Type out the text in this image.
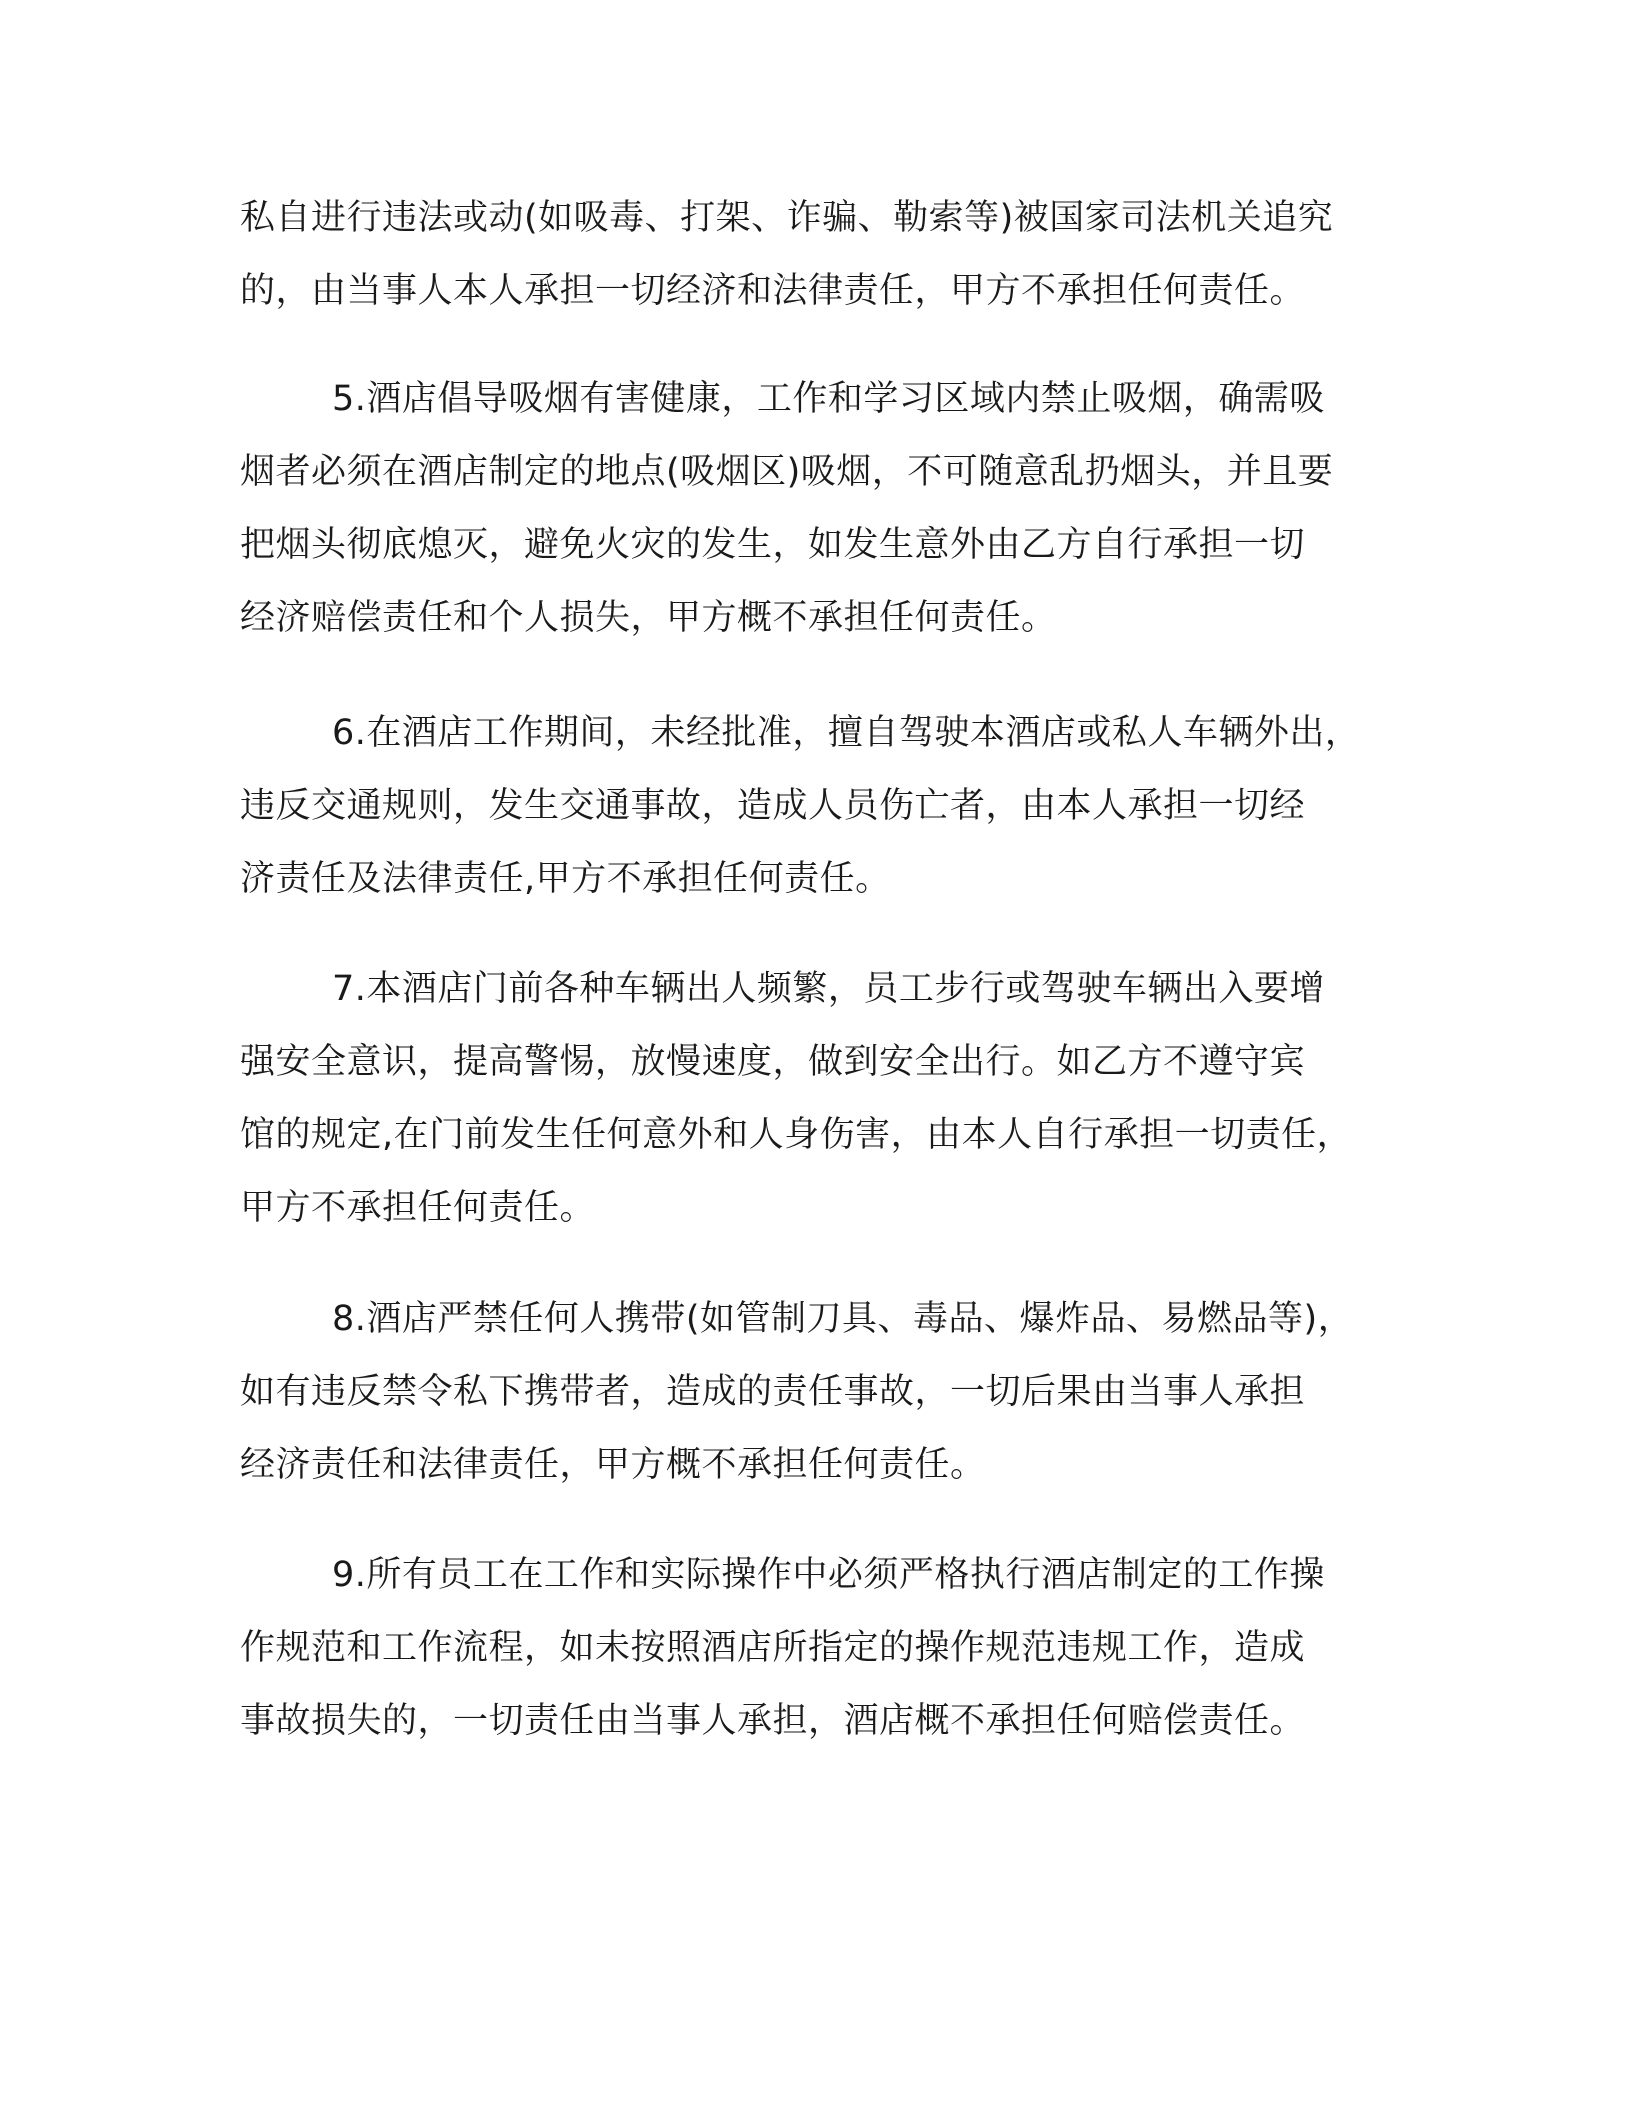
私自进行违法或动(如吸毒、打架、诈骗、勒索等)被国家司法机关追究
的，由当事人本人承担一切经济和法律责任，甲方不承担任何责任。
5.酒店倡导吸烟有害健康，工作和学习区域内禁止吸烟，确需吸
烟者必须在酒店制定的地点(吸烟区)吸烟，不可随意乱扔烟头，并且要
把烟头彻底熄灭，避免火灾的发生，如发生意外由乙方自行承担一切
经济赔偿责任和个人损失，甲方概不承担任何责任。
6.在酒店工作期间，未经批准，擅自驾驶本酒店或私人车辆外出，
违反交通规则，发生交通事故，造成人员伤亡者，由本人承担一切经
济责任及法律责任,甲方不承担任何责任。
7.本酒店门前各种车辆出人频繁，员工步行或驾驶车辆出入要增
强安全意识，提高警惕，放慢速度，做到安全出行。如乙方不遵守宾
馆的规定,在门前发生任何意外和人身伤害，由本人自行承担一切责任，
甲方不承担任何责任。
8.酒店严禁任何人携带(如管制刀具、毒品、爆炸品、易燃品等)，
如有违反禁令私下携带者，造成的责任事故，一切后果由当事人承担
经济责任和法律责任，甲方概不承担任何责任。
9.所有员工在工作和实际操作中必须严格执行酒店制定的工作操
作规范和工作流程，如未按照酒店所指定的操作规范违规工作，造成
事故损失的，一切责任由当事人承担，酒店概不承担任何赔偿责任。
